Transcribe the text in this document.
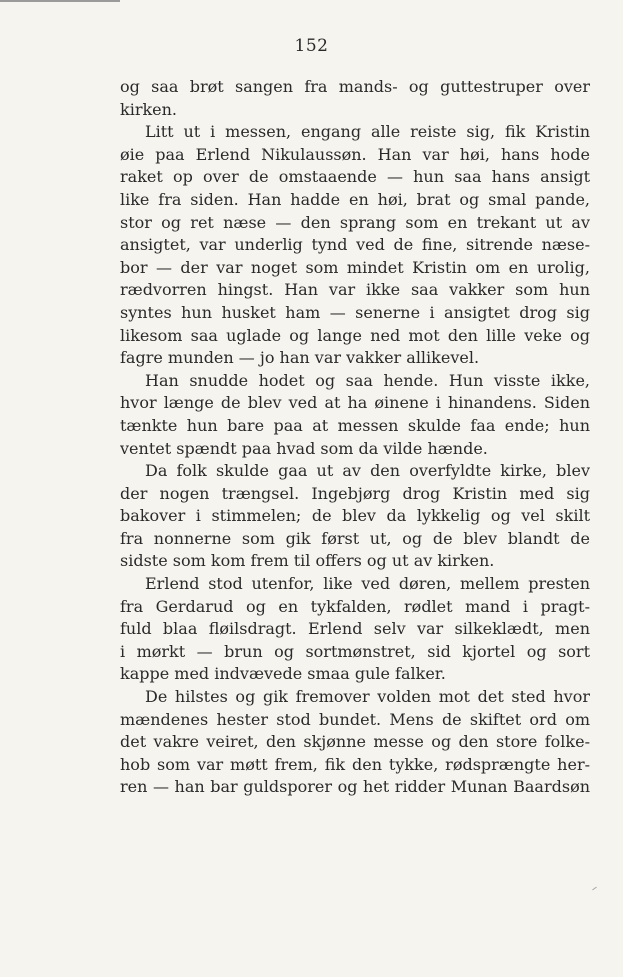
152
og saa brøt sangen fra mands- og guttestruper over
kirken.
Litt ut i messen, engang alle reiste sig, fik Kristin
øie paa Erlend Nikulaussøn. Han var høi, hans hode
raket op over de omstaaende — hun saa hans ansigt
like fra siden. Han hadde en høi, brat og smal pande,
stor og ret næse — den sprang som en trekant ut av
ansigtet, var underlig tynd ved de fine, sitrende næse-
bor — der var noget som mindet Kristin om en urolig,
rædvorren hingst. Han var ikke saa vakker som hun
syntes hun husket ham — senerne i ansigtet drog sig
likesom saa uglade og lange ned mot den lille veke og
fagre munden — jo han var vakker allikevel.
Han snudde hodet og saa hende. Hun visste ikke,
hvor længe de blev ved at ha øinene i hinandens. Siden
tænkte hun bare paa at messen skulde faa ende; hun
ventet spændt paa hvad som da vilde hænde.
Da folk skulde gaa ut av den overfyldte kirke, blev
der nogen trængsel. Ingebjørg drog Kristin med sig
bakover i stimmelen; de blev da lykkelig og vel skilt
fra nonnerne som gik først ut, og de blev blandt de
sidste som kom frem til offers og ut av kirken.
Erlend stod utenfor, like ved døren, mellem presten
fra Gerdarud og en tykfalden, rødlet mand i pragt-
fuld blaa fløilsdragt. Erlend selv var silkeklædt, men
i mørkt — brun og sortmønstret, sid kjortel og sort
kappe med indvævede smaa gule falker.
De hilstes og gik fremover volden mot det sted hvor
mændenes hester stod bundet. Mens de skiftet ord om
det vakre veiret, den skjønne messe og den store folke-
hob som var møtt frem, fik den tykke, rødsprængte her-
ren — han bar guldsporer og het ridder Munan Baardsøn
